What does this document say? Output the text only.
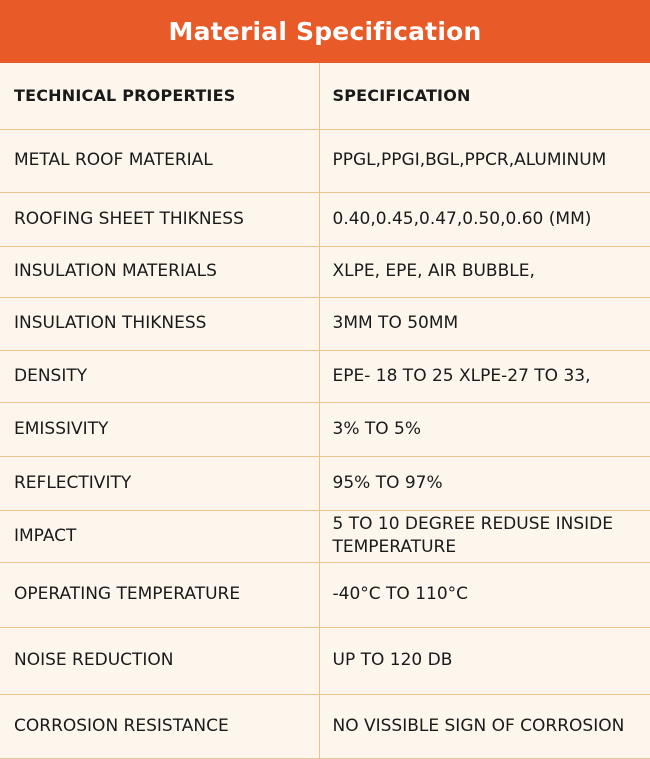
Material Specification
TECHNICAL PROPERTIES	SPECIFICATION
METAL ROOF MATERIAL	PPGL,PPGI,BGL,PPCR,ALUMINUM
ROOFING SHEET THIKNESS	0.40,0.45,0.47,0.50,0.60 (MM)
INSULATION MATERIALS	XLPE, EPE, AIR BUBBLE,
INSULATION THIKNESS	3MM TO 50MM
DENSITY	EPE- 18 TO 25 XLPE-27 TO 33,
EMISSIVITY	3% TO 5%
REFLECTIVITY	95% TO 97%
IMPACT	5 TO 10 DEGREE REDUSE INSIDE TEMPERATURE
OPERATING TEMPERATURE	-40°C TO 110°C
NOISE REDUCTION	UP TO 120 DB
CORROSION RESISTANCE	NO VISSIBLE SIGN OF CORROSION
